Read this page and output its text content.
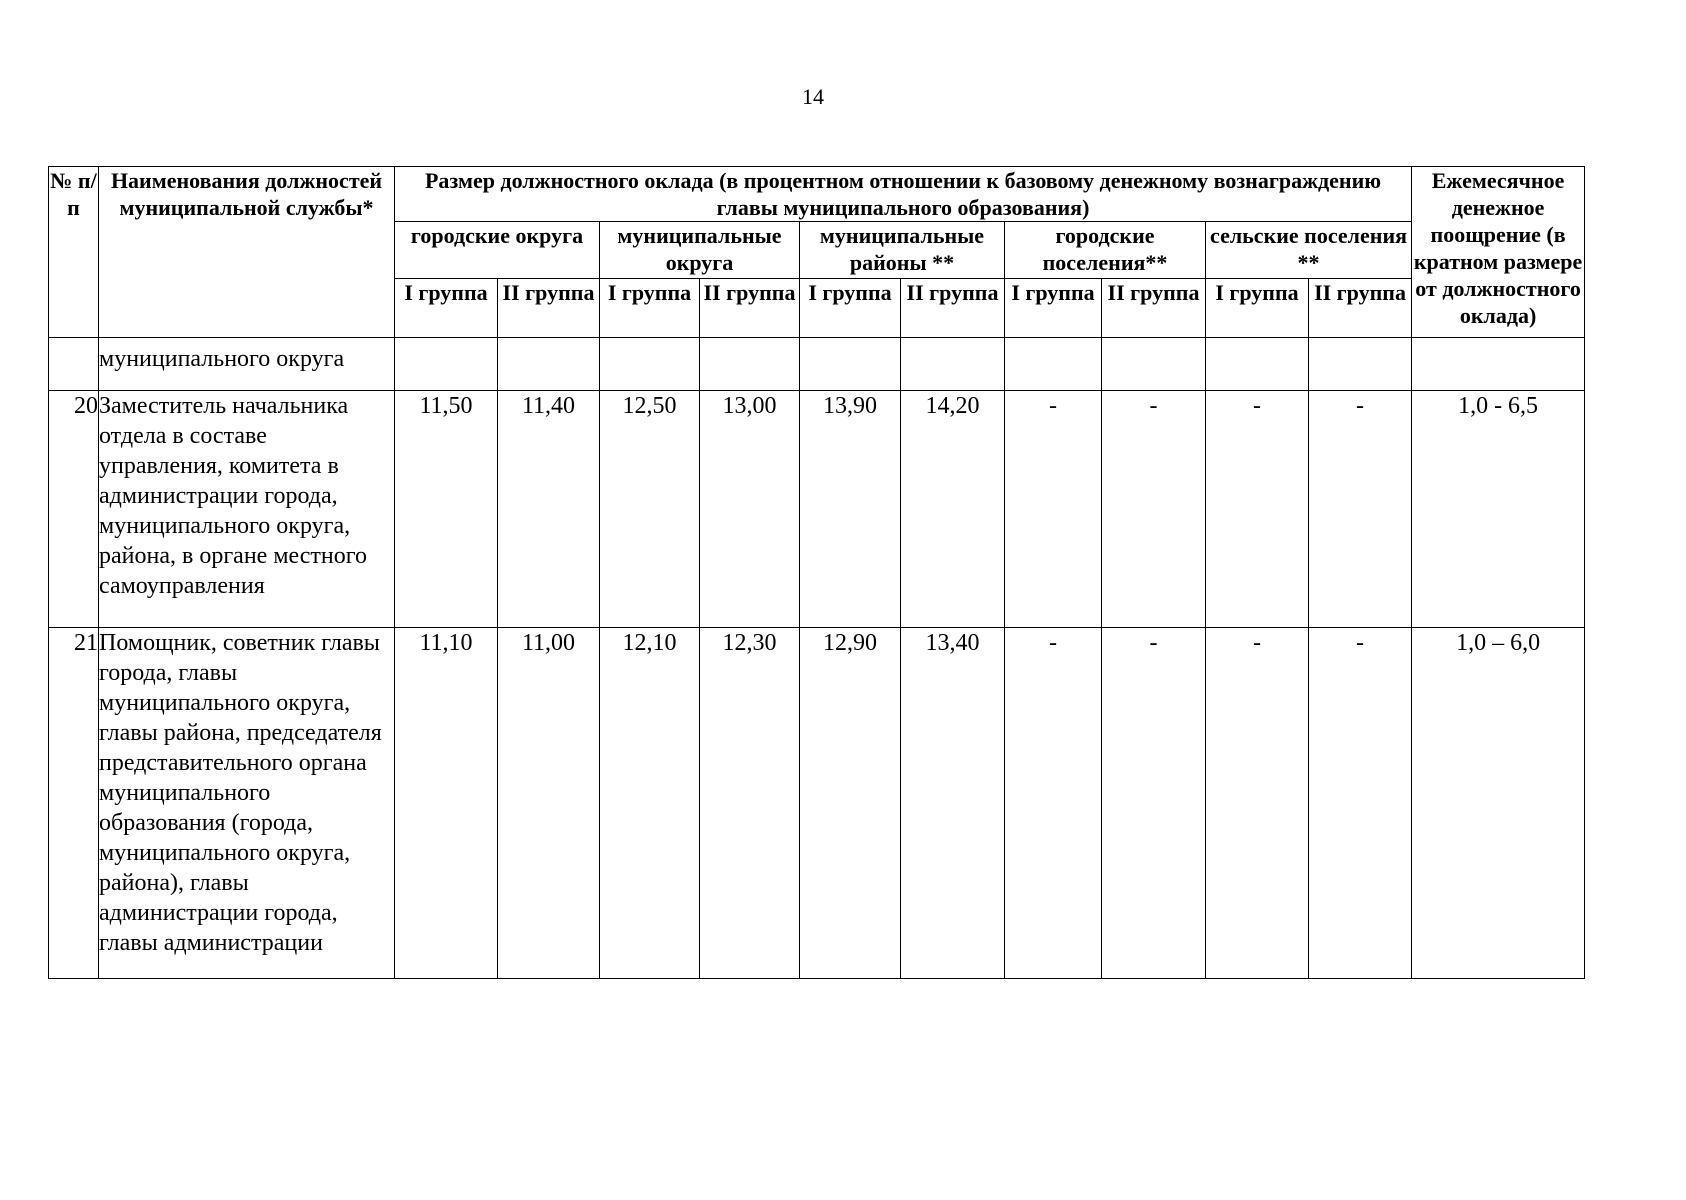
14
№ п/п	Наименования должностей муниципальной службы*	Размер должностного оклада (в процентном отношении к базовому денежному вознаграждению главы муниципального образования)										Ежемесячное денежное поощрение (в кратном размере от должностного оклада)
		городские округа		муниципальные округа		муниципальные районы **		городские поселения**		сельские поселения **		
		I группа	II группа	I группа	II группа	I группа	II группа	I группа	II группа	I группа	II группа	
	муниципального округа											
20	Заместитель начальника отдела в составе управления, комитета в администрации города, муниципального округа, района, в органе местного самоуправления	11,50	11,40	12,50	13,00	13,90	14,20	-	-	-	-	1,0 - 6,5
21	Помощник, советник главы города, главы муниципального округа, главы района, председателя представительного органа муниципального образования (города, муниципального округа, района), главы администрации города, главы администрации	11,10	11,00	12,10	12,30	12,90	13,40	-	-	-	-	1,0 – 6,0
